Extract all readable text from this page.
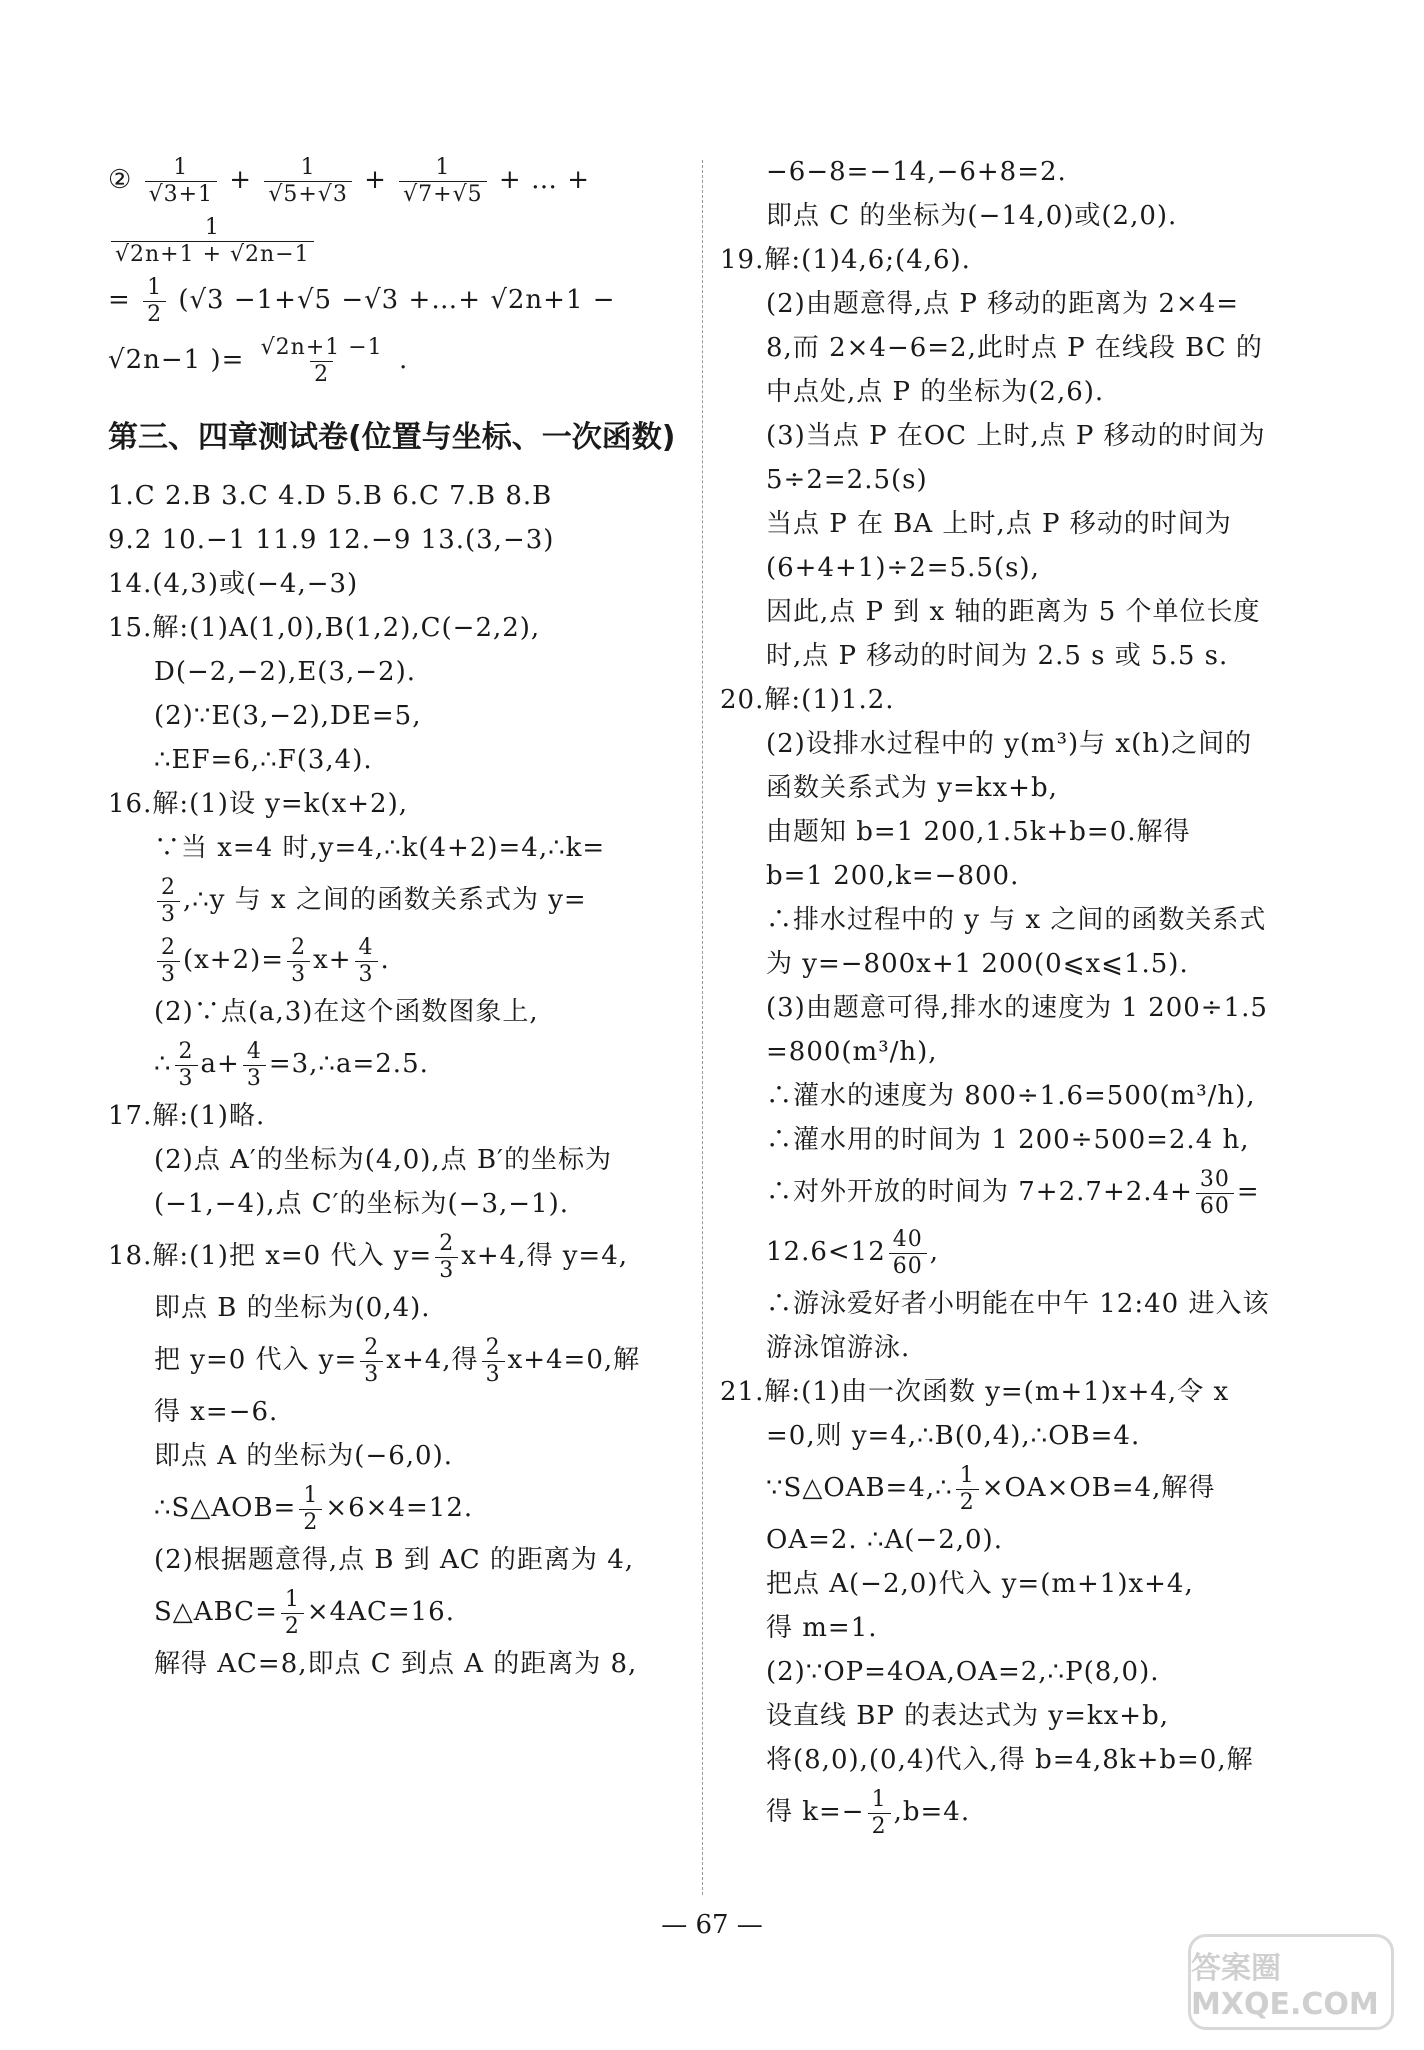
② $\frac{1}{√3+1} + \frac{1}{√5+√3} + \frac{1}{√7+√5}$ + … +
$\frac{1}{√2n+1 + √2n-1}$
= $\frac{1}{2} (√3 -1+√5 -√3$ +…+ √2n+1 −
√2n−1 )= $\frac{√2n+1 -1}{2}$ .
第三、四章测试卷(位置与坐标、一次函数)
1.C 2.B 3.C 4.D 5.B 6.C 7.B 8.B
9.2 10.−1 11.9 12.−9 13.(3,−3)
14.(4,3)或(−4,−3)
15.解:(1)A(1,0),B(1,2),C(−2,2),
D(−2,−2),E(3,−2).
(2)∵E(3,−2),DE=5,
∴EF=6,∴F(3,4).
16.解:(1)设 y=k(x+2),
∵当 x=4 时,y=4,∴k(4+2)=4,∴k=
$\frac{2}{3}$ ,∴y 与 x 之间的函数关系式为 y=
$\frac{2}{3} (x+2)= \frac{2}{3} x+ \frac{4}{3}$ .
(2)∵点(a,3)在这个函数图象上,
∴ $\frac{2}{3} a+ \frac{4}{3}$ =3,∴a=2.5.
17.解:(1)略.
(2)点 A′的坐标为(4,0),点 B′的坐标为
(−1,−4),点 C′的坐标为(−3,−1).
18.解:(1)把 x=0 代入 $y= \frac{2}{3} x+4$,得 y=4,
即点 B 的坐标为(0,4).
把 y=0 代入 $y= \frac{2}{3} x+4$,得 $\frac{2}{3} x+4=0$,解
得 x=−6.
即点 A 的坐标为(−6,0).
∴S△AOB= $\frac{1}{2} \times 6\times 4=12$.
(2)根据题意得,点 B 到 AC 的距离为 4,
S△ABC= $\frac{1}{2} \times 4AC=16$.
解得 AC=8,即点 C 到点 A 的距离为 8,
−6−8=−14,−6+8=2.
即点 C 的坐标为(−14,0)或(2,0).
19.解:(1)4,6;(4,6).
(2)由题意得,点 P 移动的距离为 2×4=
8,而 2×4−6=2,此时点 P 在线段 BC 的
中点处,点 P 的坐标为(2,6).
(3)当点 P 在OC 上时,点 P 移动的时间为
5÷2=2.5(s)
当点 P 在 BA 上时,点 P 移动的时间为
(6+4+1)÷2=5.5(s),
因此,点 P 到 x 轴的距离为 5 个单位长度
时,点 P 移动的时间为 2.5 s 或 5.5 s.
20.解:(1)1.2.
(2)设排水过程中的 y(m³)与 x(h)之间的
函数关系式为 y=kx+b,
由题知 b=1 200,1.5k+b=0.解得
b=1 200,k=−800.
∴排水过程中的 y 与 x 之间的函数关系式
为 y=−800x+1 200(0⩽x⩽1.5).
(3)由题意可得,排水的速度为 1 200÷1.5
=800(m³/h),
∴灌水的速度为 800÷1.6=500(m³/h),
∴灌水用的时间为 1 200÷500=2.4 h,
∴对外开放的时间为 $7+2.7+2.4+ \frac{30}{60}$ =
$12.6<12 \frac{40}{60}$ ,
∴游泳爱好者小明能在中午 12:40 进入该
游泳馆游泳.
21.解:(1)由一次函数 y=(m+1)x+4,令 x
=0,则 y=4,∴B(0,4),∴OB=4.
∵S△OAB=4,∴ $\frac{1}{2} \times OA\times OB=4$,解得
OA=2. ∴A(−2,0).
把点 A(−2,0)代入 y=(m+1)x+4,
得 m=1.
(2)∵OP=4OA,OA=2,∴P(8,0).
设直线 BP 的表达式为 y=kx+b,
将(8,0),(0,4)代入,得 b=4,8k+b=0,解
得 $k=- \frac{1}{2} ,b=4$.
— 67 —
答案圈 MXQE.COM
